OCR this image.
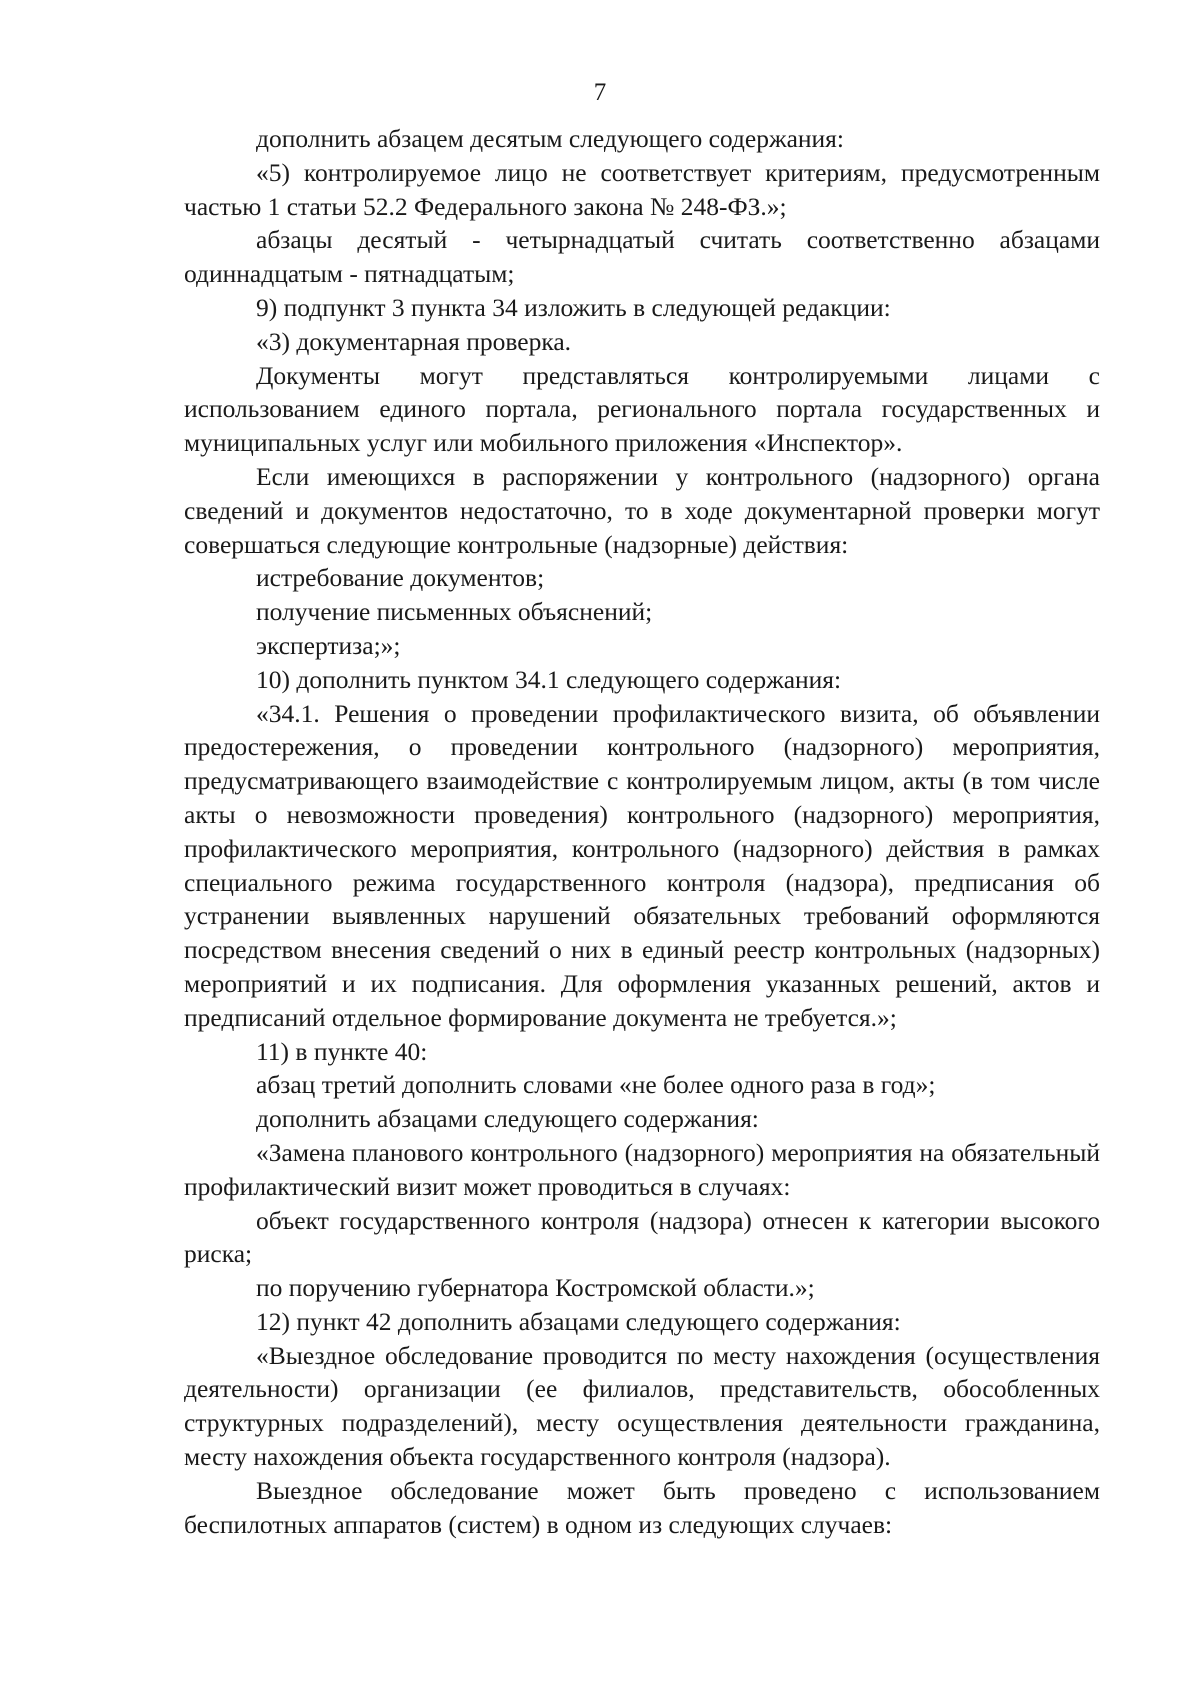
7

дополнить абзацем десятым следующего содержания:

«5) контролируемое лицо не соответствует критериям, предусмотренным частью 1 статьи 52.2 Федерального закона № 248-ФЗ.»;

абзацы десятый - четырнадцатый считать соответственно абзацами одиннадцатым - пятнадцатым;

9) подпункт 3 пункта 34 изложить в следующей редакции:

«3) документарная проверка.

Документы могут представляться контролируемыми лицами с использованием единого портала, регионального портала государственных и муниципальных услуг или мобильного приложения «Инспектор».

Если имеющихся в распоряжении у контрольного (надзорного) органа сведений и документов недостаточно, то в ходе документарной проверки могут совершаться следующие контрольные (надзорные) действия:

истребование документов;

получение письменных объяснений;

экспертиза;»;

10) дополнить пунктом 34.1 следующего содержания:

«34.1. Решения о проведении профилактического визита, об объявлении предостережения, о проведении контрольного (надзорного) мероприятия, предусматривающего взаимодействие с контролируемым лицом, акты (в том числе акты о невозможности проведения) контрольного (надзорного) мероприятия, профилактического мероприятия, контрольного (надзорного) действия в рамках специального режима государственного контроля (надзора), предписания об устранении выявленных нарушений обязательных требований оформляются посредством внесения сведений о них в единый реестр контрольных (надзорных) мероприятий и их подписания. Для оформления указанных решений, актов и предписаний отдельное формирование документа не требуется.»;

11) в пункте 40:

абзац третий дополнить словами «не более одного раза в год»;

дополнить абзацами следующего содержания:

«Замена планового контрольного (надзорного) мероприятия на обязательный профилактический визит может проводиться в случаях:

объект государственного контроля (надзора) отнесен к категории высокого риска;

по поручению губернатора Костромской области.»;

12) пункт 42 дополнить абзацами следующего содержания:

«Выездное обследование проводится по месту нахождения (осуществления деятельности) организации (ее филиалов, представительств, обособленных структурных подразделений), месту осуществления деятельности гражданина, месту нахождения объекта государственного контроля (надзора).

Выездное обследование может быть проведено с использованием беспилотных аппаратов (систем) в одном из следующих случаев:
